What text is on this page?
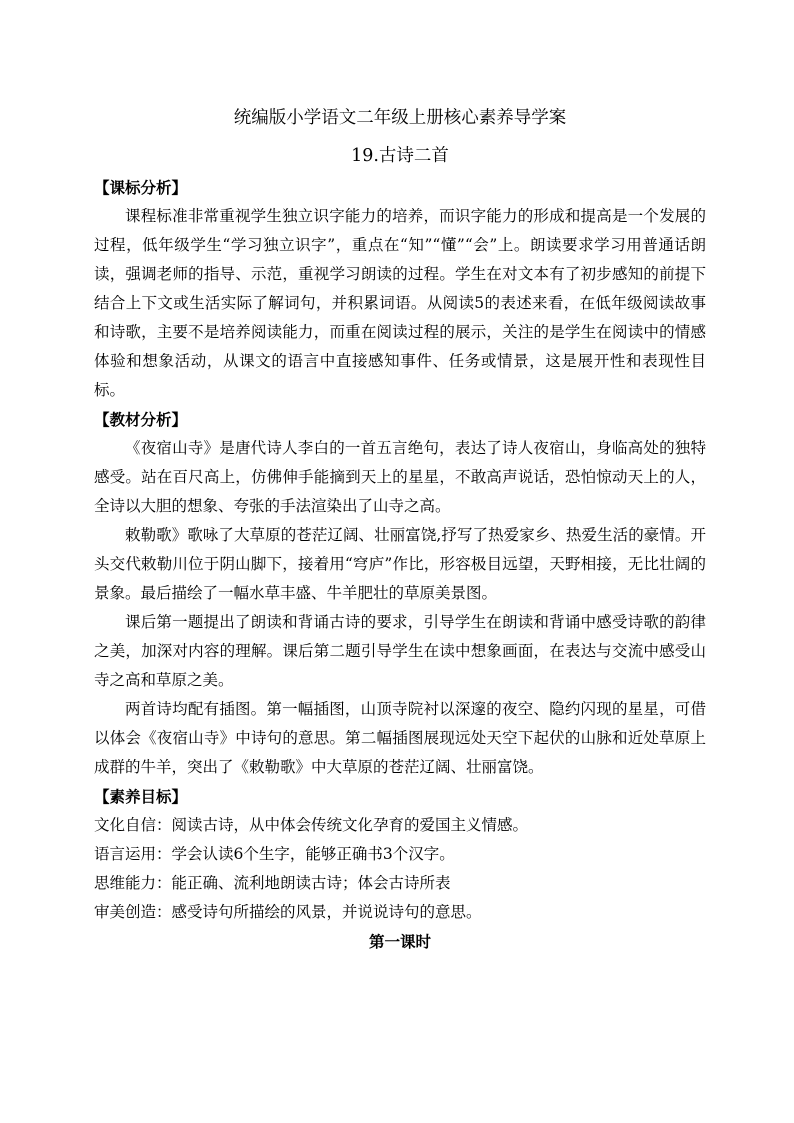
统编版小学语文二年级上册核心素养导学案

19.古诗二首

【课标分析】

课程标准非常重视学生独立识字能力的培养，而识字能力的形成和提高是一个发展的过程，低年级学生“学习独立识字”，重点在“知”“懂”“会”上。朗读要求学习用普通话朗读，强调老师的指导、示范，重视学习朗读的过程。学生在对文本有了初步感知的前提下结合上下文或生活实际了解词句，并积累词语。从阅读5的表述来看，在低年级阅读故事和诗歌，主要不是培养阅读能力，而重在阅读过程的展示，关注的是学生在阅读中的情感体验和想象活动，从课文的语言中直接感知事件、任务或情景，这是展开性和表现性目标。

【教材分析】

《夜宿山寺》是唐代诗人李白的一首五言绝句，表达了诗人夜宿山，身临高处的独特感受。站在百尺高上，仿佛伸手能摘到天上的星星，不敢高声说话，恐怕惊动天上的人，全诗以大胆的想象、夸张的手法渲染出了山寺之高。

敕勒歌》歌咏了大草原的苍茫辽阔、壮丽富饶,抒写了热爱家乡、热爱生活的豪情。开头交代敕勒川位于阴山脚下，接着用“穹庐”作比，形容极目远望，天野相接，无比壮阔的景象。最后描绘了一幅水草丰盛、牛羊肥壮的草原美景图。

课后第一题提出了朗读和背诵古诗的要求，引导学生在朗读和背诵中感受诗歌的韵律之美，加深对内容的理解。课后第二题引导学生在读中想象画面，在表达与交流中感受山寺之高和草原之美。

两首诗均配有插图。第一幅插图，山顶寺院衬以深邃的夜空、隐约闪现的星星，可借以体会《夜宿山寺》中诗句的意思。第二幅插图展现远处天空下起伏的山脉和近处草原上成群的牛羊，突出了《敕勒歌》中大草原的苍茫辽阔、壮丽富饶。

【素养目标】

文化自信：阅读古诗，从中体会传统文化孕育的爱国主义情感。

语言运用：学会认读6个生字，能够正确书3个汉字。

思维能力：能正确、流利地朗读古诗；体会古诗所表

审美创造：感受诗句所描绘的风景，并说说诗句的意思。

第一课时
